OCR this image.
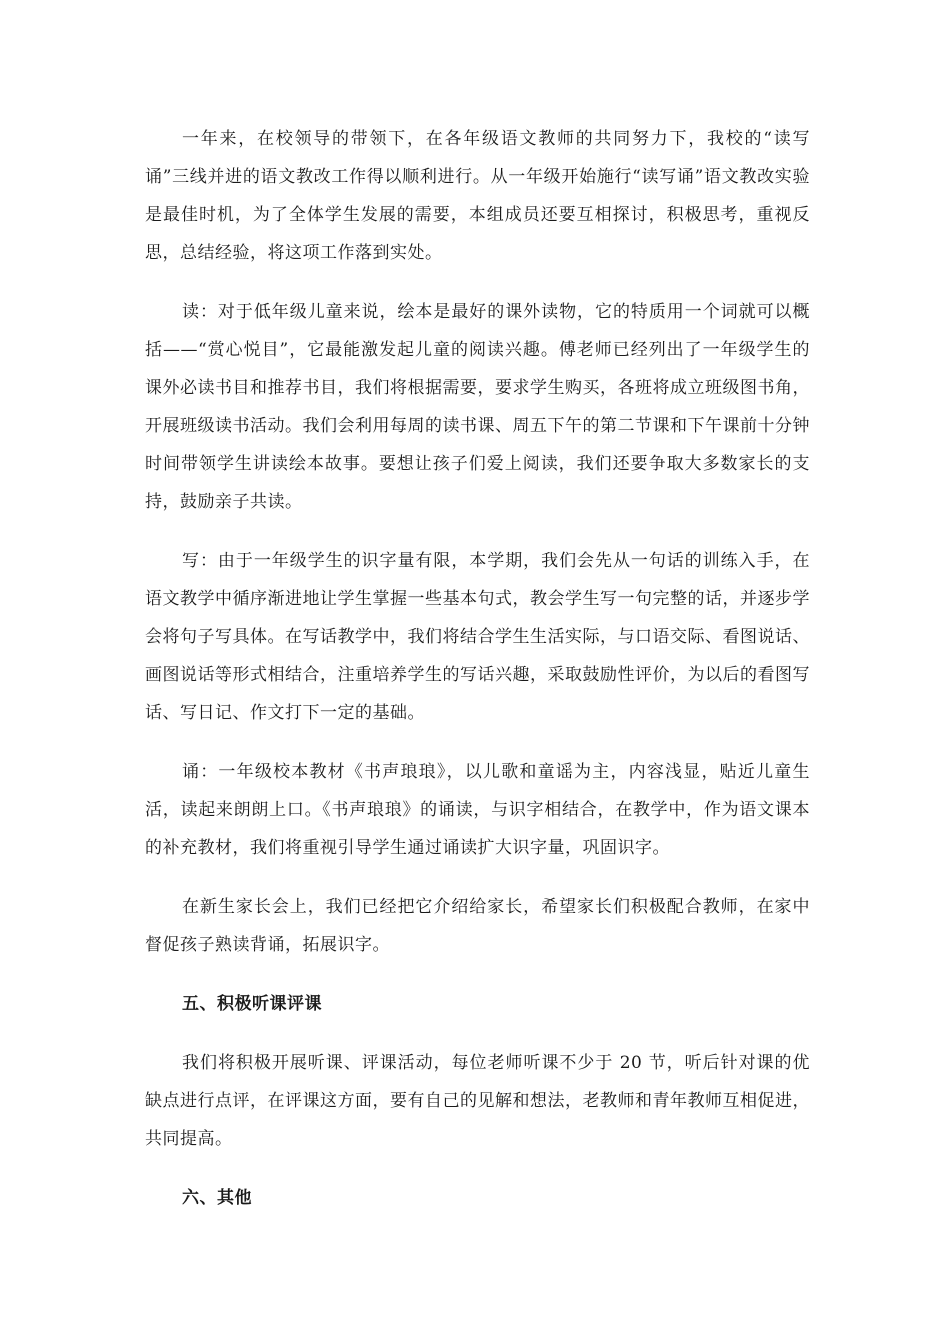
一年来，在校领导的带领下，在各年级语文教师的共同努力下，我校的“读写诵”三线并进的语文教改工作得以顺利进行。从一年级开始施行“读写诵”语文教改实验是最佳时机，为了全体学生发展的需要，本组成员还要互相探讨，积极思考，重视反思，总结经验，将这项工作落到实处。

读：对于低年级儿童来说，绘本是最好的课外读物，它的特质用一个词就可以概括——“赏心悦目”，它最能激发起儿童的阅读兴趣。傅老师已经列出了一年级学生的课外必读书目和推荐书目，我们将根据需要，要求学生购买，各班将成立班级图书角，开展班级读书活动。我们会利用每周的读书课、周五下午的第二节课和下午课前十分钟时间带领学生讲读绘本故事。要想让孩子们爱上阅读，我们还要争取大多数家长的支持，鼓励亲子共读。

写：由于一年级学生的识字量有限，本学期，我们会先从一句话的训练入手，在语文教学中循序渐进地让学生掌握一些基本句式，教会学生写一句完整的话，并逐步学会将句子写具体。在写话教学中，我们将结合学生生活实际，与口语交际、看图说话、画图说话等形式相结合，注重培养学生的写话兴趣，采取鼓励性评价，为以后的看图写话、写日记、作文打下一定的基础。

诵：一年级校本教材《书声琅琅》，以儿歌和童谣为主，内容浅显，贴近儿童生活，读起来朗朗上口。《书声琅琅》的诵读，与识字相结合，在教学中，作为语文课本的补充教材，我们将重视引导学生通过诵读扩大识字量，巩固识字。

在新生家长会上，我们已经把它介绍给家长，希望家长们积极配合教师，在家中督促孩子熟读背诵，拓展识字。

五、积极听课评课

我们将积极开展听课、评课活动，每位老师听课不少于 20 节，听后针对课的优缺点进行点评，在评课这方面，要有自己的见解和想法，老教师和青年教师互相促进，共同提高。

六、其他
